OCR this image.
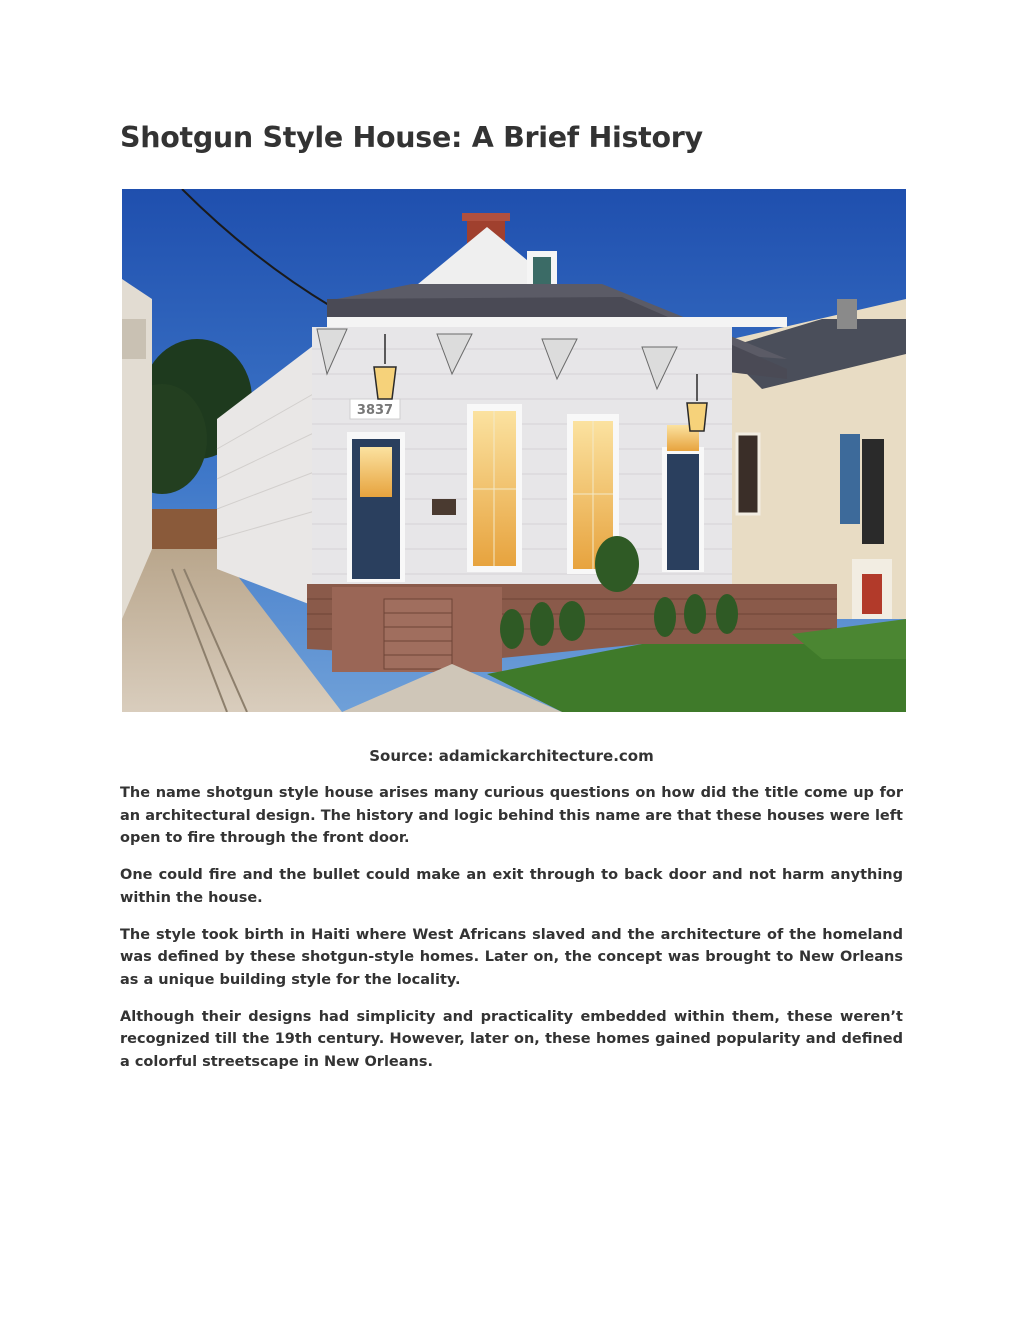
Shotgun Style House: A Brief History
3837

Source: adamickarchitecture.com

The name shotgun style house arises many curious questions on how did the title come up for an architectural design. The history and logic behind this name are that these houses were left open to fire through the front door.

One could fire and the bullet could make an exit through to back door and not harm anything within the house.

The style took birth in Haiti where West Africans slaved and the architecture of the homeland was defined by these shotgun-style homes. Later on, the concept was brought to New Orleans as a unique building style for the locality.

Although their designs had simplicity and practicality embedded within them, these weren’t recognized till the 19th century. However, later on, these homes gained popularity and defined a colorful streetscape in New Orleans.
